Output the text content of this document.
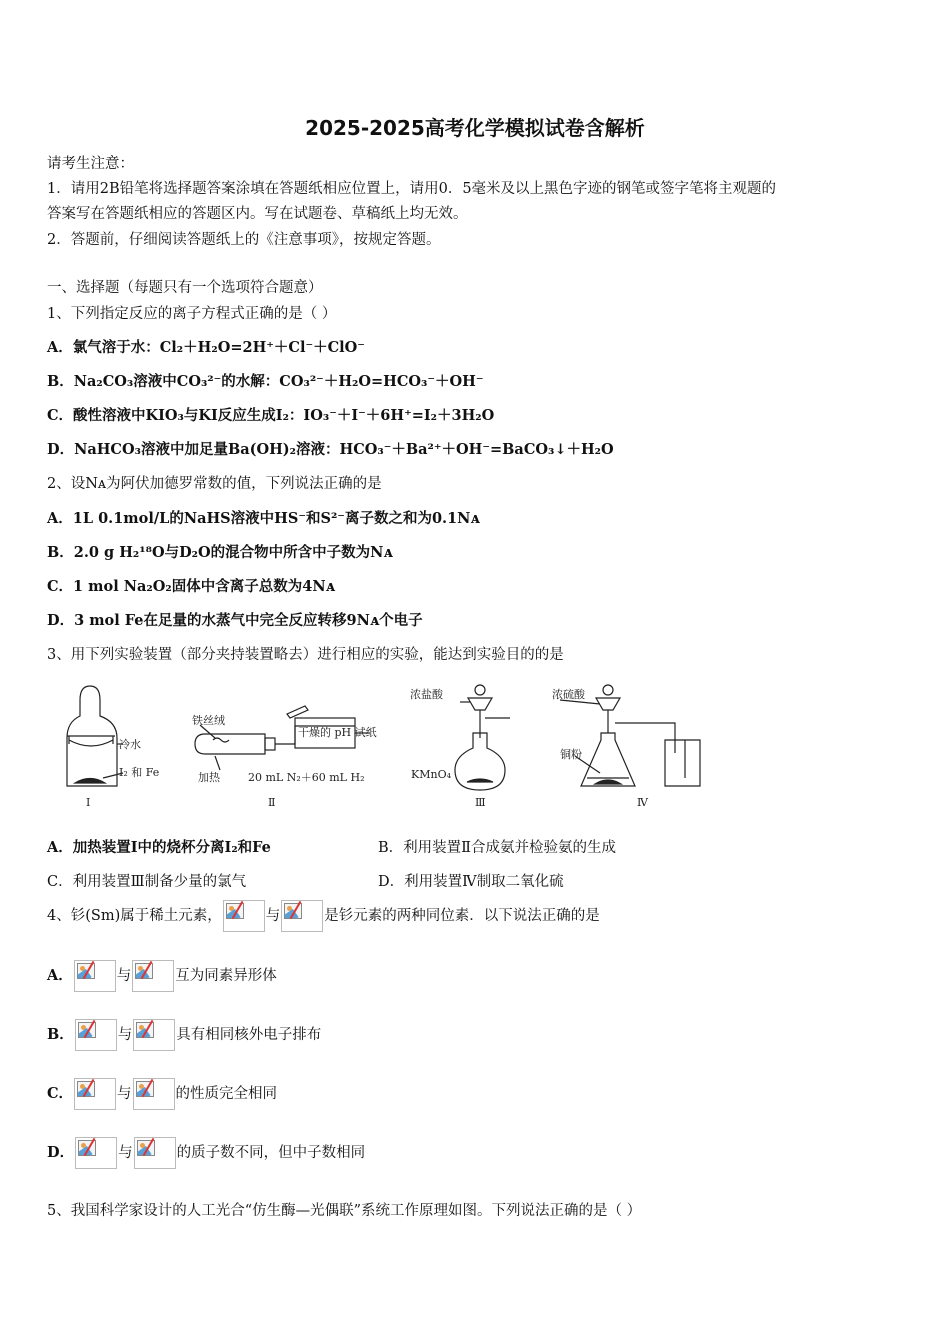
2025-2025高考化学模拟试卷含解析
请考生注意：
1．请用2B铅笔将选择题答案涂填在答题纸相应位置上，请用0．5毫米及以上黑色字迹的钢笔或签字笔将主观题的
答案写在答题纸相应的答题区内。写在试题卷、草稿纸上均无效。
2．答题前，仔细阅读答题纸上的《注意事项》，按规定答题。
一、选择题（每题只有一个选项符合题意）
1、下列指定反应的离子方程式正确的是（ ）
A．氯气溶于水：Cl₂＋H₂O=2H⁺＋Cl⁻＋ClO⁻
B．Na₂CO₃溶液中CO₃²⁻的水解：CO₃²⁻＋H₂O=HCO₃⁻＋OH⁻
C．酸性溶液中KIO₃与KI反应生成I₂：IO₃⁻＋I⁻＋6H⁺=I₂＋3H₂O
D．NaHCO₃溶液中加足量Ba(OH)₂溶液：HCO₃⁻＋Ba²⁺＋OH⁻=BaCO₃↓＋H₂O
2、设Nᴀ为阿伏加德罗常数的值，下列说法正确的是
A．1L 0.1mol/L的NaHS溶液中HS⁻和S²⁻离子数之和为0.1Nᴀ
B．2.0 g H₂¹⁸O与D₂O的混合物中所含中子数为Nᴀ
C．1 mol Na₂O₂固体中含离子总数为4Nᴀ
D．3 mol Fe在足量的水蒸气中完全反应转移9Nᴀ个电子
3、用下列实验装置（部分夹持装置略去）进行相应的实验，能达到实验目的的是
冷水
I₂ 和 Fe
Ⅰ
铁丝绒
干燥的 pH 试纸
加热	20 mL N₂＋60 mL H₂
Ⅱ
浓盐酸
KMnO₄
Ⅲ
浓硫酸
铜粉
Ⅳ
A．加热装置Ⅰ中的烧杯分离I₂和Fe	B．利用装置Ⅱ合成氨并检验氨的生成
C．利用装置Ⅲ制备少量的氯气	D．利用装置Ⅳ制取二氧化硫
4、钐(Sm)属于稀土元素，	与	是钐元素的两种同位素．以下说法正确的是
A．	与	互为同素异形体
B．	与	具有相同核外电子排布
C．	与	的性质完全相同
D．	与	的质子数不同，但中子数相同
5、我国科学家设计的人工光合“仿生酶—光偶联”系统工作原理如图。下列说法正确的是（ ）
